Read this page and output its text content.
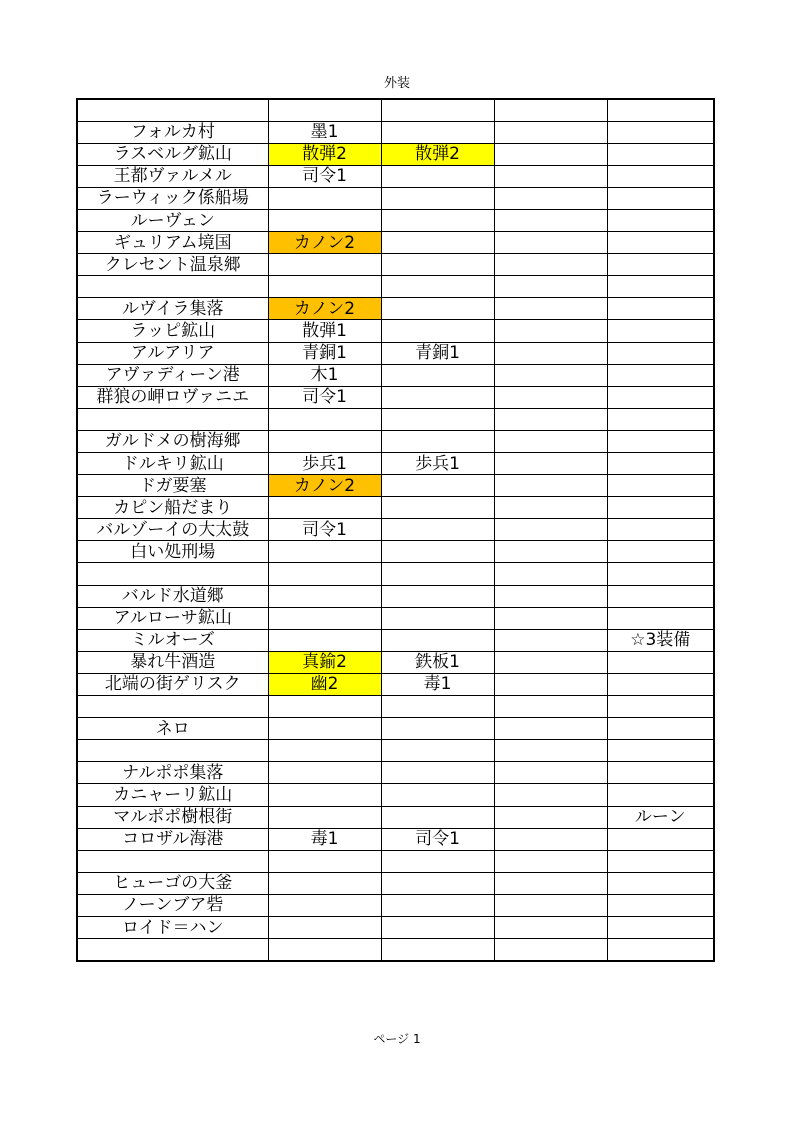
外装

フォルカ村	墨1			
ラスベルグ鉱山	散弾2	散弾2		
王都ヴァルメル	司令1			
ラーウィック係船場				
ルーヴェン				
ギュリアム境国	カノン2			
クレセント温泉郷				

ルヴイラ集落	カノン2			
ラッピ鉱山	散弾1			
アルアリア	青銅1	青銅1		
アヴァディーン港	木1			
群狼の岬ロヴァニエ	司令1			

ガルドメの樹海郷				
ドルキリ鉱山	歩兵1	歩兵1		
ドガ要塞	カノン2			
カピン船だまり				
バルゾーイの大太鼓	司令1			
白い処刑場				

バルド水道郷				
アルローサ鉱山				
ミルオーズ				☆3装備
暴れ牛酒造	真鍮2	鉄板1		
北端の街ゲリスク	幽2	毒1		

ネロ				

ナルポポ集落				
カニャーリ鉱山				
マルポポ樹根街				ルーン
コロザル海港	毒1	司令1		

ヒューゴの大釜				
ノーンブア砦				
ロイド＝ハン				

ページ 1
